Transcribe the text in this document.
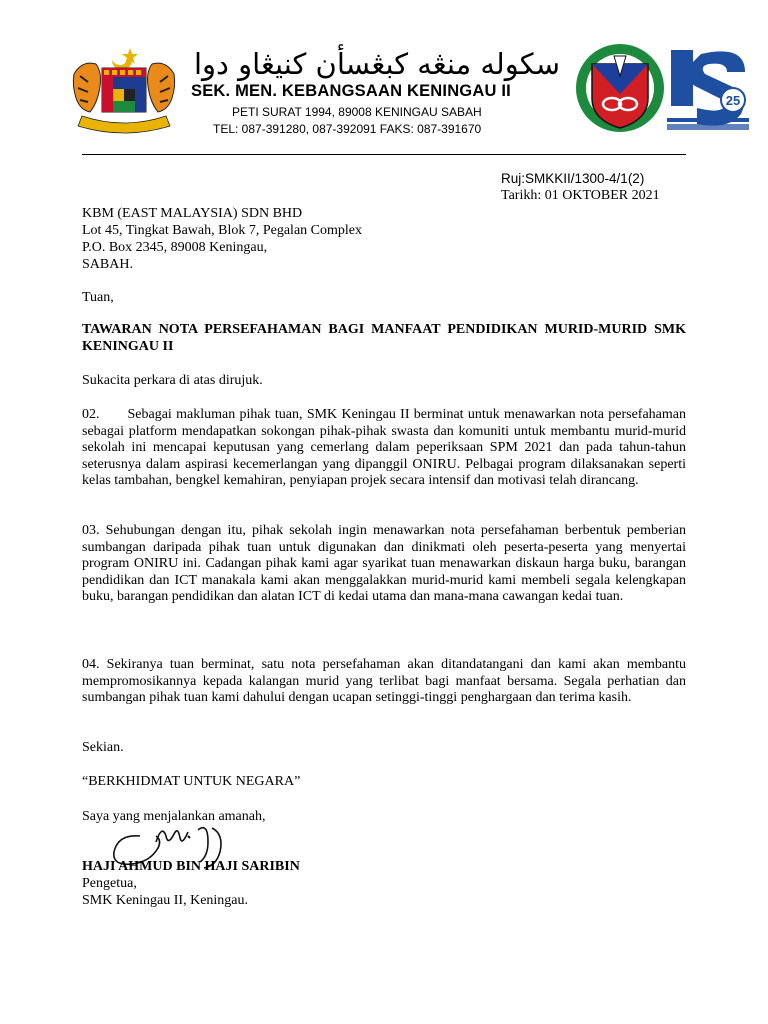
سکوله منڠه کبڠسأن کنيڠاو دوا
SEK. MEN. KEBANGSAAN KENINGAU II
PETI SURAT 1994, 89008 KENINGAU SABAH
TEL: 087-391280, 087-392091 FAKS: 087-391670
25
Ruj:SMKKII/1300-4/1(2)
Tarikh: 01 OKTOBER 2021
KBM (EAST MALAYSIA) SDN BHD
Lot 45, Tingkat Bawah, Blok 7, Pegalan Complex
P.O. Box 2345, 89008 Keningau,
SABAH.
Tuan,
TAWARAN NOTA PERSEFAHAMAN BAGI MANFAAT PENDIDIKAN MURID-MURID SMK KENINGAU II
Sukacita perkara di atas dirujuk.
02.  Sebagai makluman pihak tuan, SMK Keningau II berminat untuk menawarkan nota persefahaman sebagai platform mendapatkan sokongan pihak-pihak swasta dan komuniti untuk membantu murid-murid sekolah ini mencapai keputusan yang cemerlang dalam peperiksaan SPM 2021 dan pada tahun-tahun seterusnya dalam aspirasi kecemerlangan yang dipanggil ONIRU. Pelbagai program dilaksanakan seperti kelas tambahan, bengkel kemahiran, penyiapan projek secara intensif dan motivasi telah dirancang.
03. Sehubungan dengan itu, pihak sekolah ingin menawarkan nota persefahaman berbentuk pemberian sumbangan daripada pihak tuan untuk digunakan dan dinikmati oleh peserta-peserta yang menyertai program ONIRU ini. Cadangan pihak kami agar syarikat tuan menawarkan diskaun harga buku, barangan pendidikan dan ICT manakala kami akan menggalakkan murid-murid kami membeli segala kelengkapan buku, barangan pendidikan dan alatan ICT di kedai utama dan mana-mana cawangan kedai tuan.
04. Sekiranya tuan berminat, satu nota persefahaman akan ditandatangani dan kami akan membantu mempromosikannya kepada kalangan murid yang terlibat bagi manfaat bersama. Segala perhatian dan sumbangan pihak tuan kami dahului dengan ucapan setinggi-tinggi penghargaan dan terima kasih.
Sekian.
“BERKHIDMAT UNTUK NEGARA”
Saya yang menjalankan amanah,
HAJI AHMUD BIN HAJI SARIBIN
Pengetua,
SMK Keningau II, Keningau.
